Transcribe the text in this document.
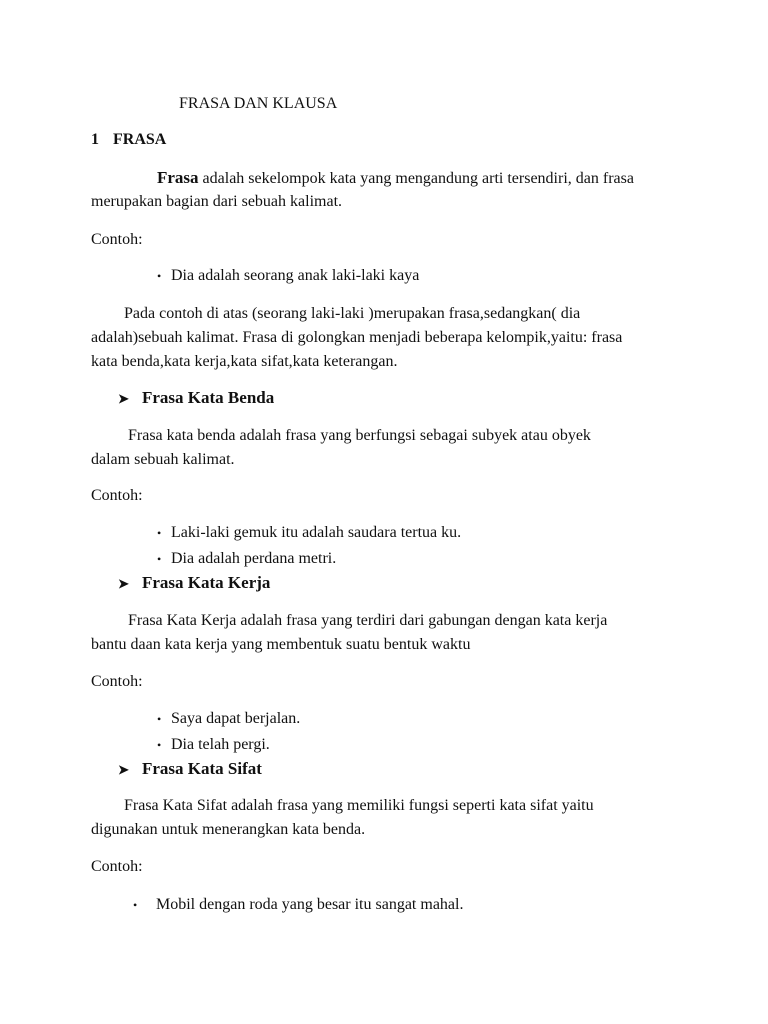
FRASA DAN KLAUSA
1 FRASA
Frasa adalah sekelompok kata yang mengandung arti tersendiri, dan frasa
merupakan bagian dari sebuah kalimat.
Contoh:
• Dia adalah seorang anak laki-laki kaya
Pada contoh di atas (seorang laki-laki )merupakan frasa,sedangkan( dia
adalah)sebuah kalimat. Frasa di golongkan menjadi beberapa kelompik,yaitu: frasa
kata benda,kata kerja,kata sifat,kata keterangan.
➤ Frasa Kata Benda
Frasa kata benda adalah frasa yang berfungsi sebagai subyek atau obyek
dalam sebuah kalimat.
Contoh:
• Laki-laki gemuk itu adalah saudara tertua ku.
• Dia adalah perdana metri.
➤ Frasa Kata Kerja
Frasa Kata Kerja adalah frasa yang terdiri dari gabungan dengan kata kerja
bantu daan kata kerja yang membentuk suatu bentuk waktu
Contoh:
• Saya dapat berjalan.
• Dia telah pergi.
➤ Frasa Kata Sifat
Frasa Kata Sifat adalah frasa yang memiliki fungsi seperti kata sifat yaitu
digunakan untuk menerangkan kata benda.
Contoh:
• Mobil dengan roda yang besar itu sangat mahal.
